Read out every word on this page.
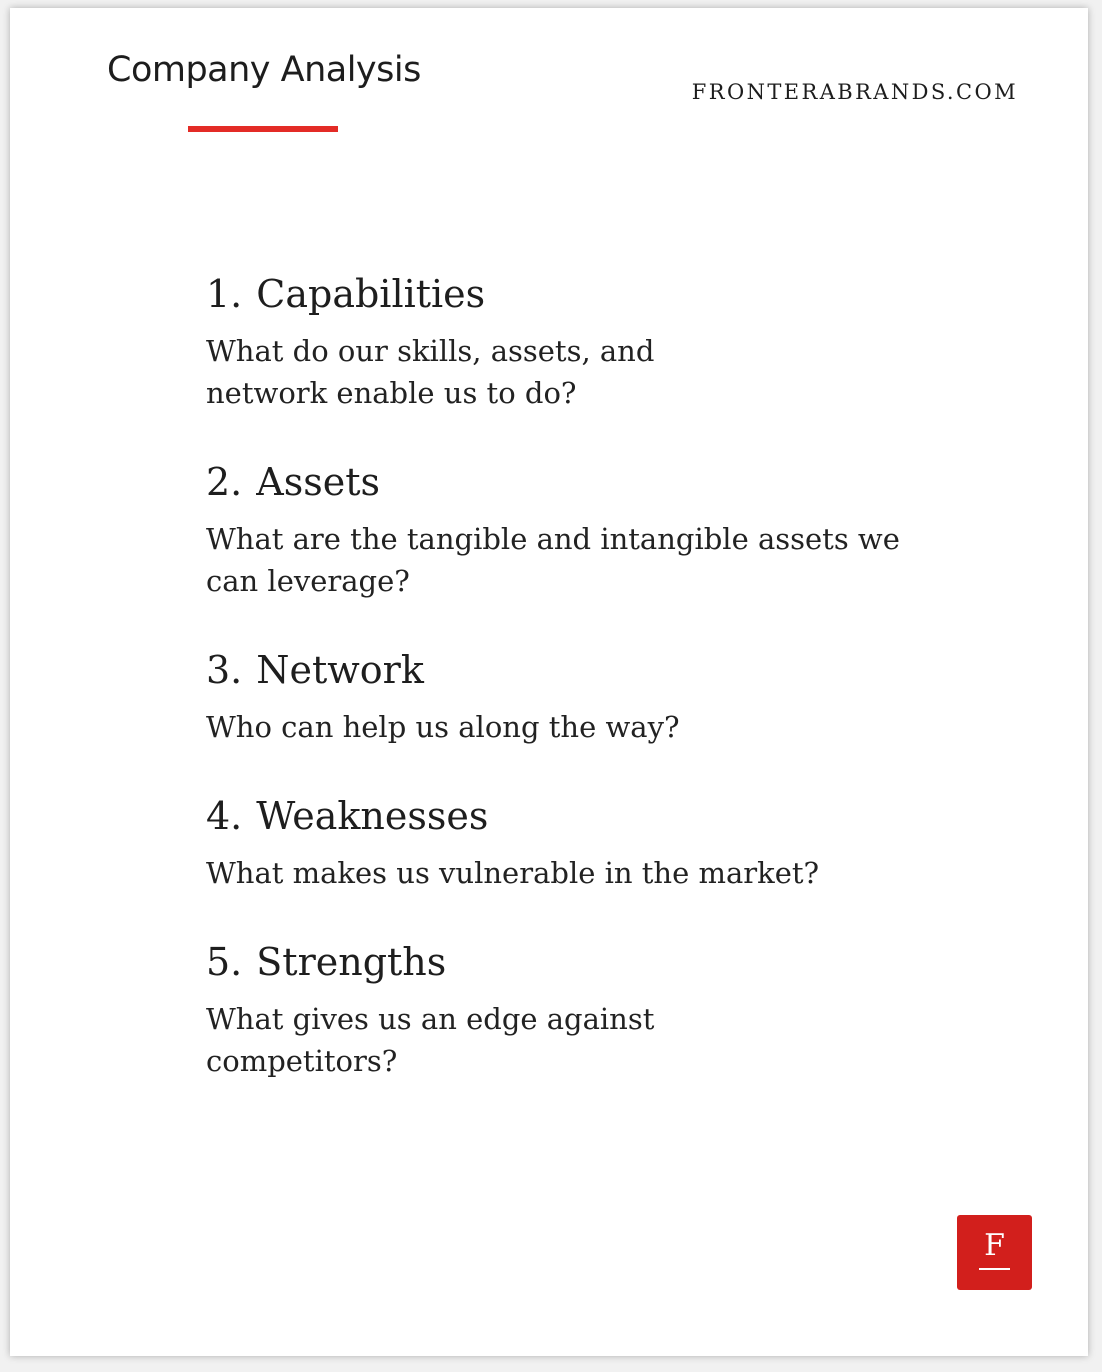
Company Analysis
FRONTERABRANDS.COM
1. Capabilities

What do our skills, assets, and network enable us to do?

2. Assets

What are the tangible and intangible assets we can leverage?

3. Network

Who can help us along the way?

4. Weaknesses

What makes us vulnerable in the market?

5. Strengths

What gives us an edge against competitors?

F
